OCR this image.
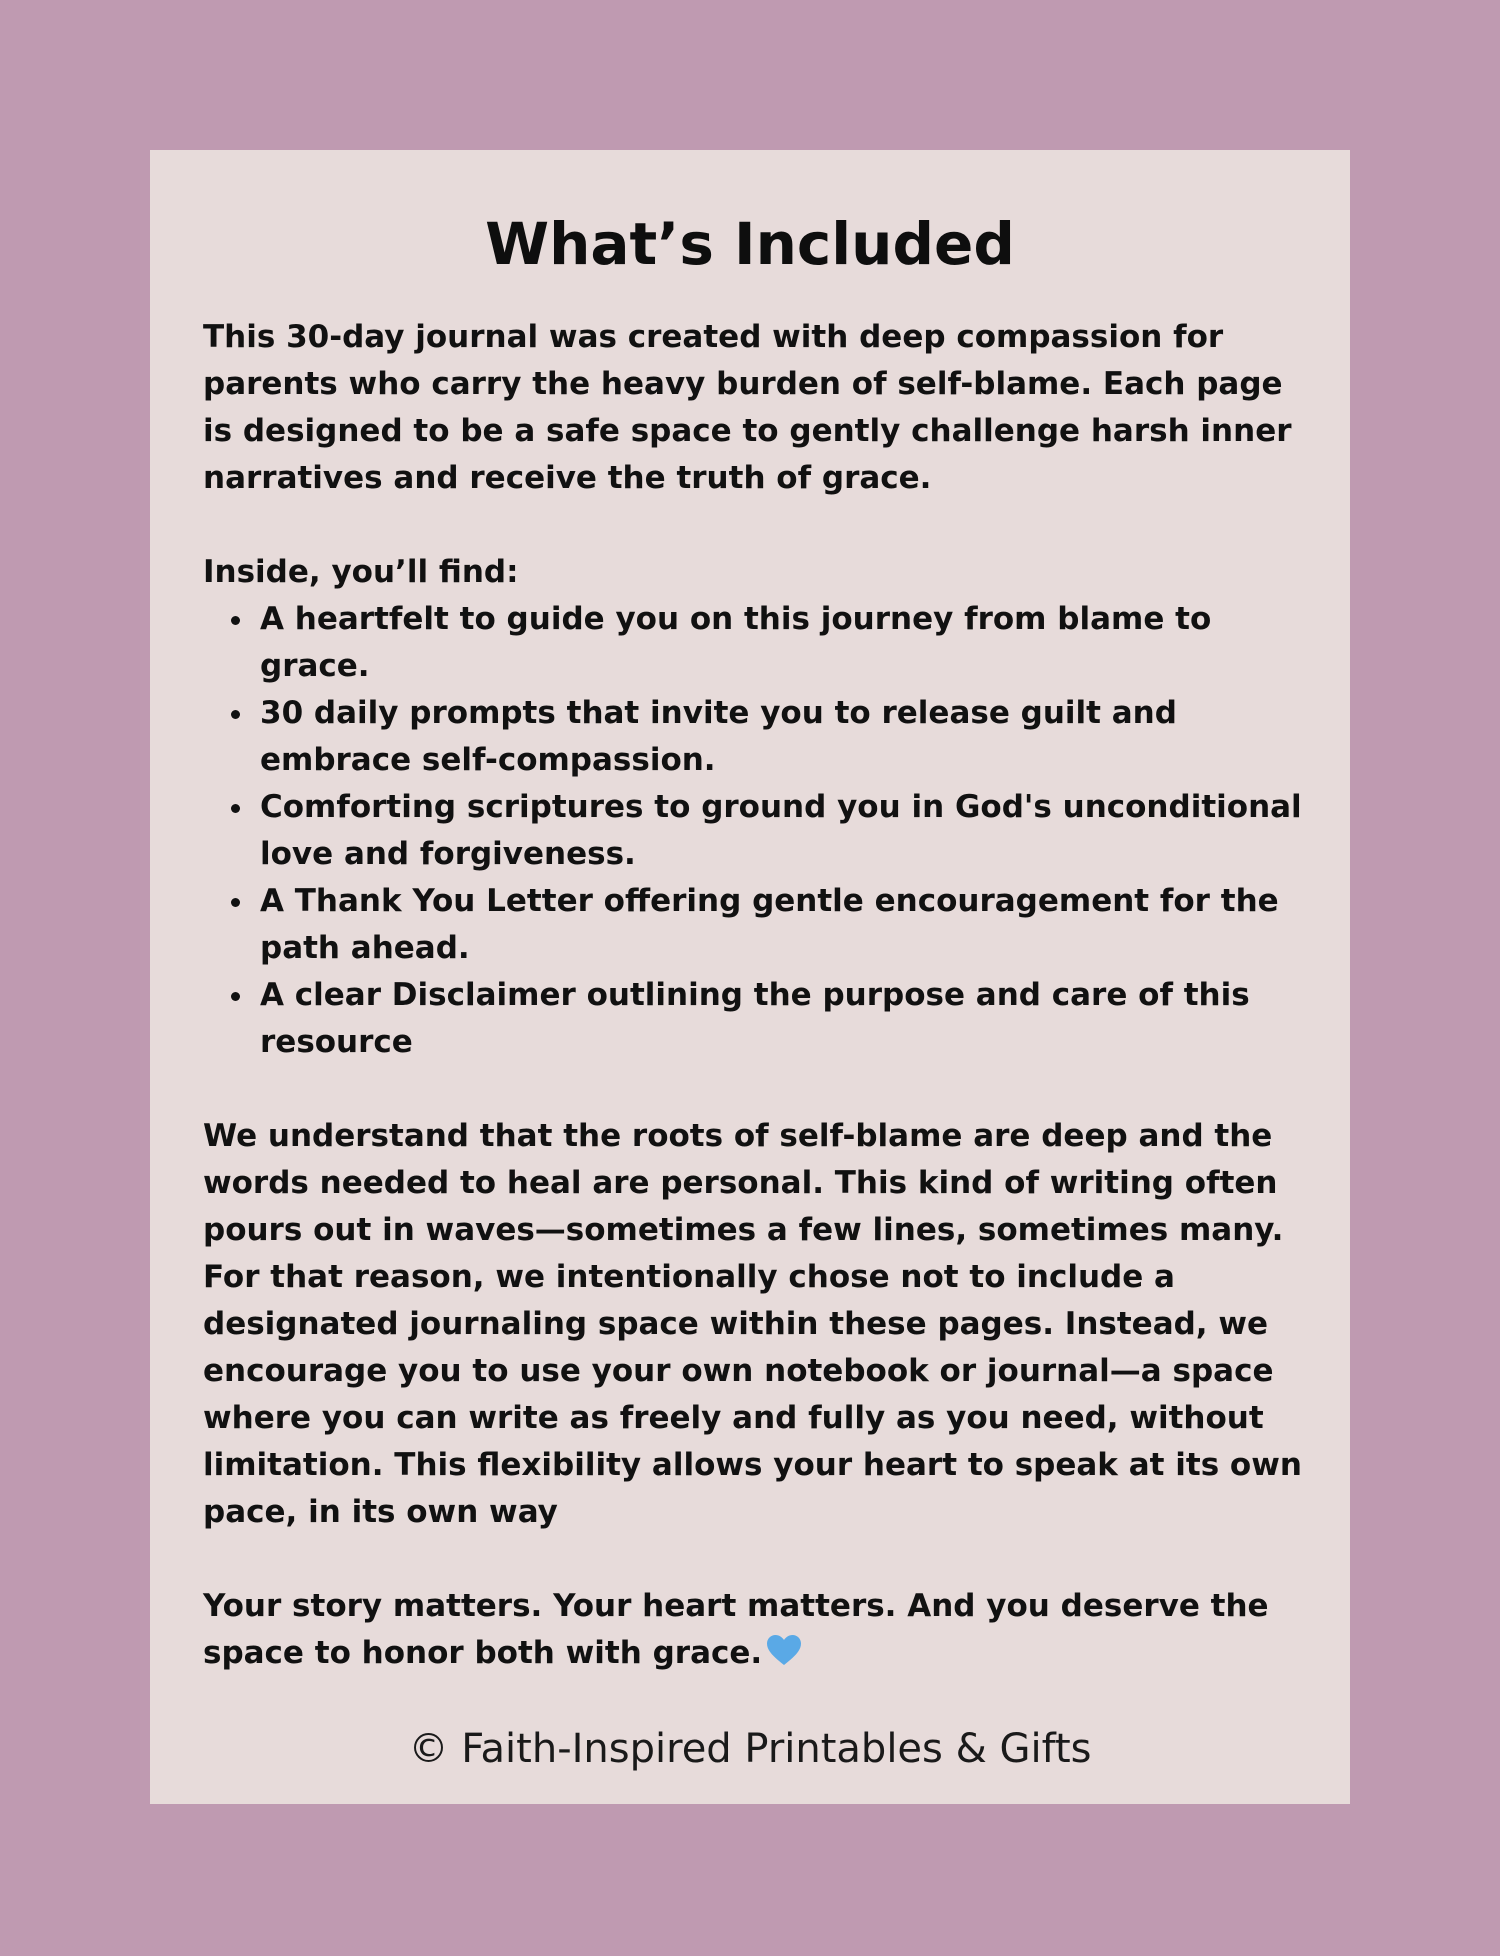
What’s Included

This 30-day journal was created with deep compassion for parents who carry the heavy burden of self-blame. Each page is designed to be a safe space to gently challenge harsh inner narratives and receive the truth of grace.

Inside, you’ll find:

A heartfelt to guide you on this journey from blame to grace.
30 daily prompts that invite you to release guilt and embrace self-compassion.
Comforting scriptures to ground you in God's unconditional love and forgiveness.
A Thank You Letter offering gentle encouragement for the path ahead.
A clear Disclaimer outlining the purpose and care of this resource

We understand that the roots of self-blame are deep and the words needed to heal are personal. This kind of writing often pours out in waves—sometimes a few lines, sometimes many. For that reason, we intentionally chose not to include a designated journaling space within these pages. Instead, we encourage you to use your own notebook or journal—a space where you can write as freely and fully as you need, without limitation. This flexibility allows your heart to speak at its own pace, in its own way

Your story matters. Your heart matters. And you deserve the space to honor both with grace.

© Faith-Inspired Printables & Gifts
